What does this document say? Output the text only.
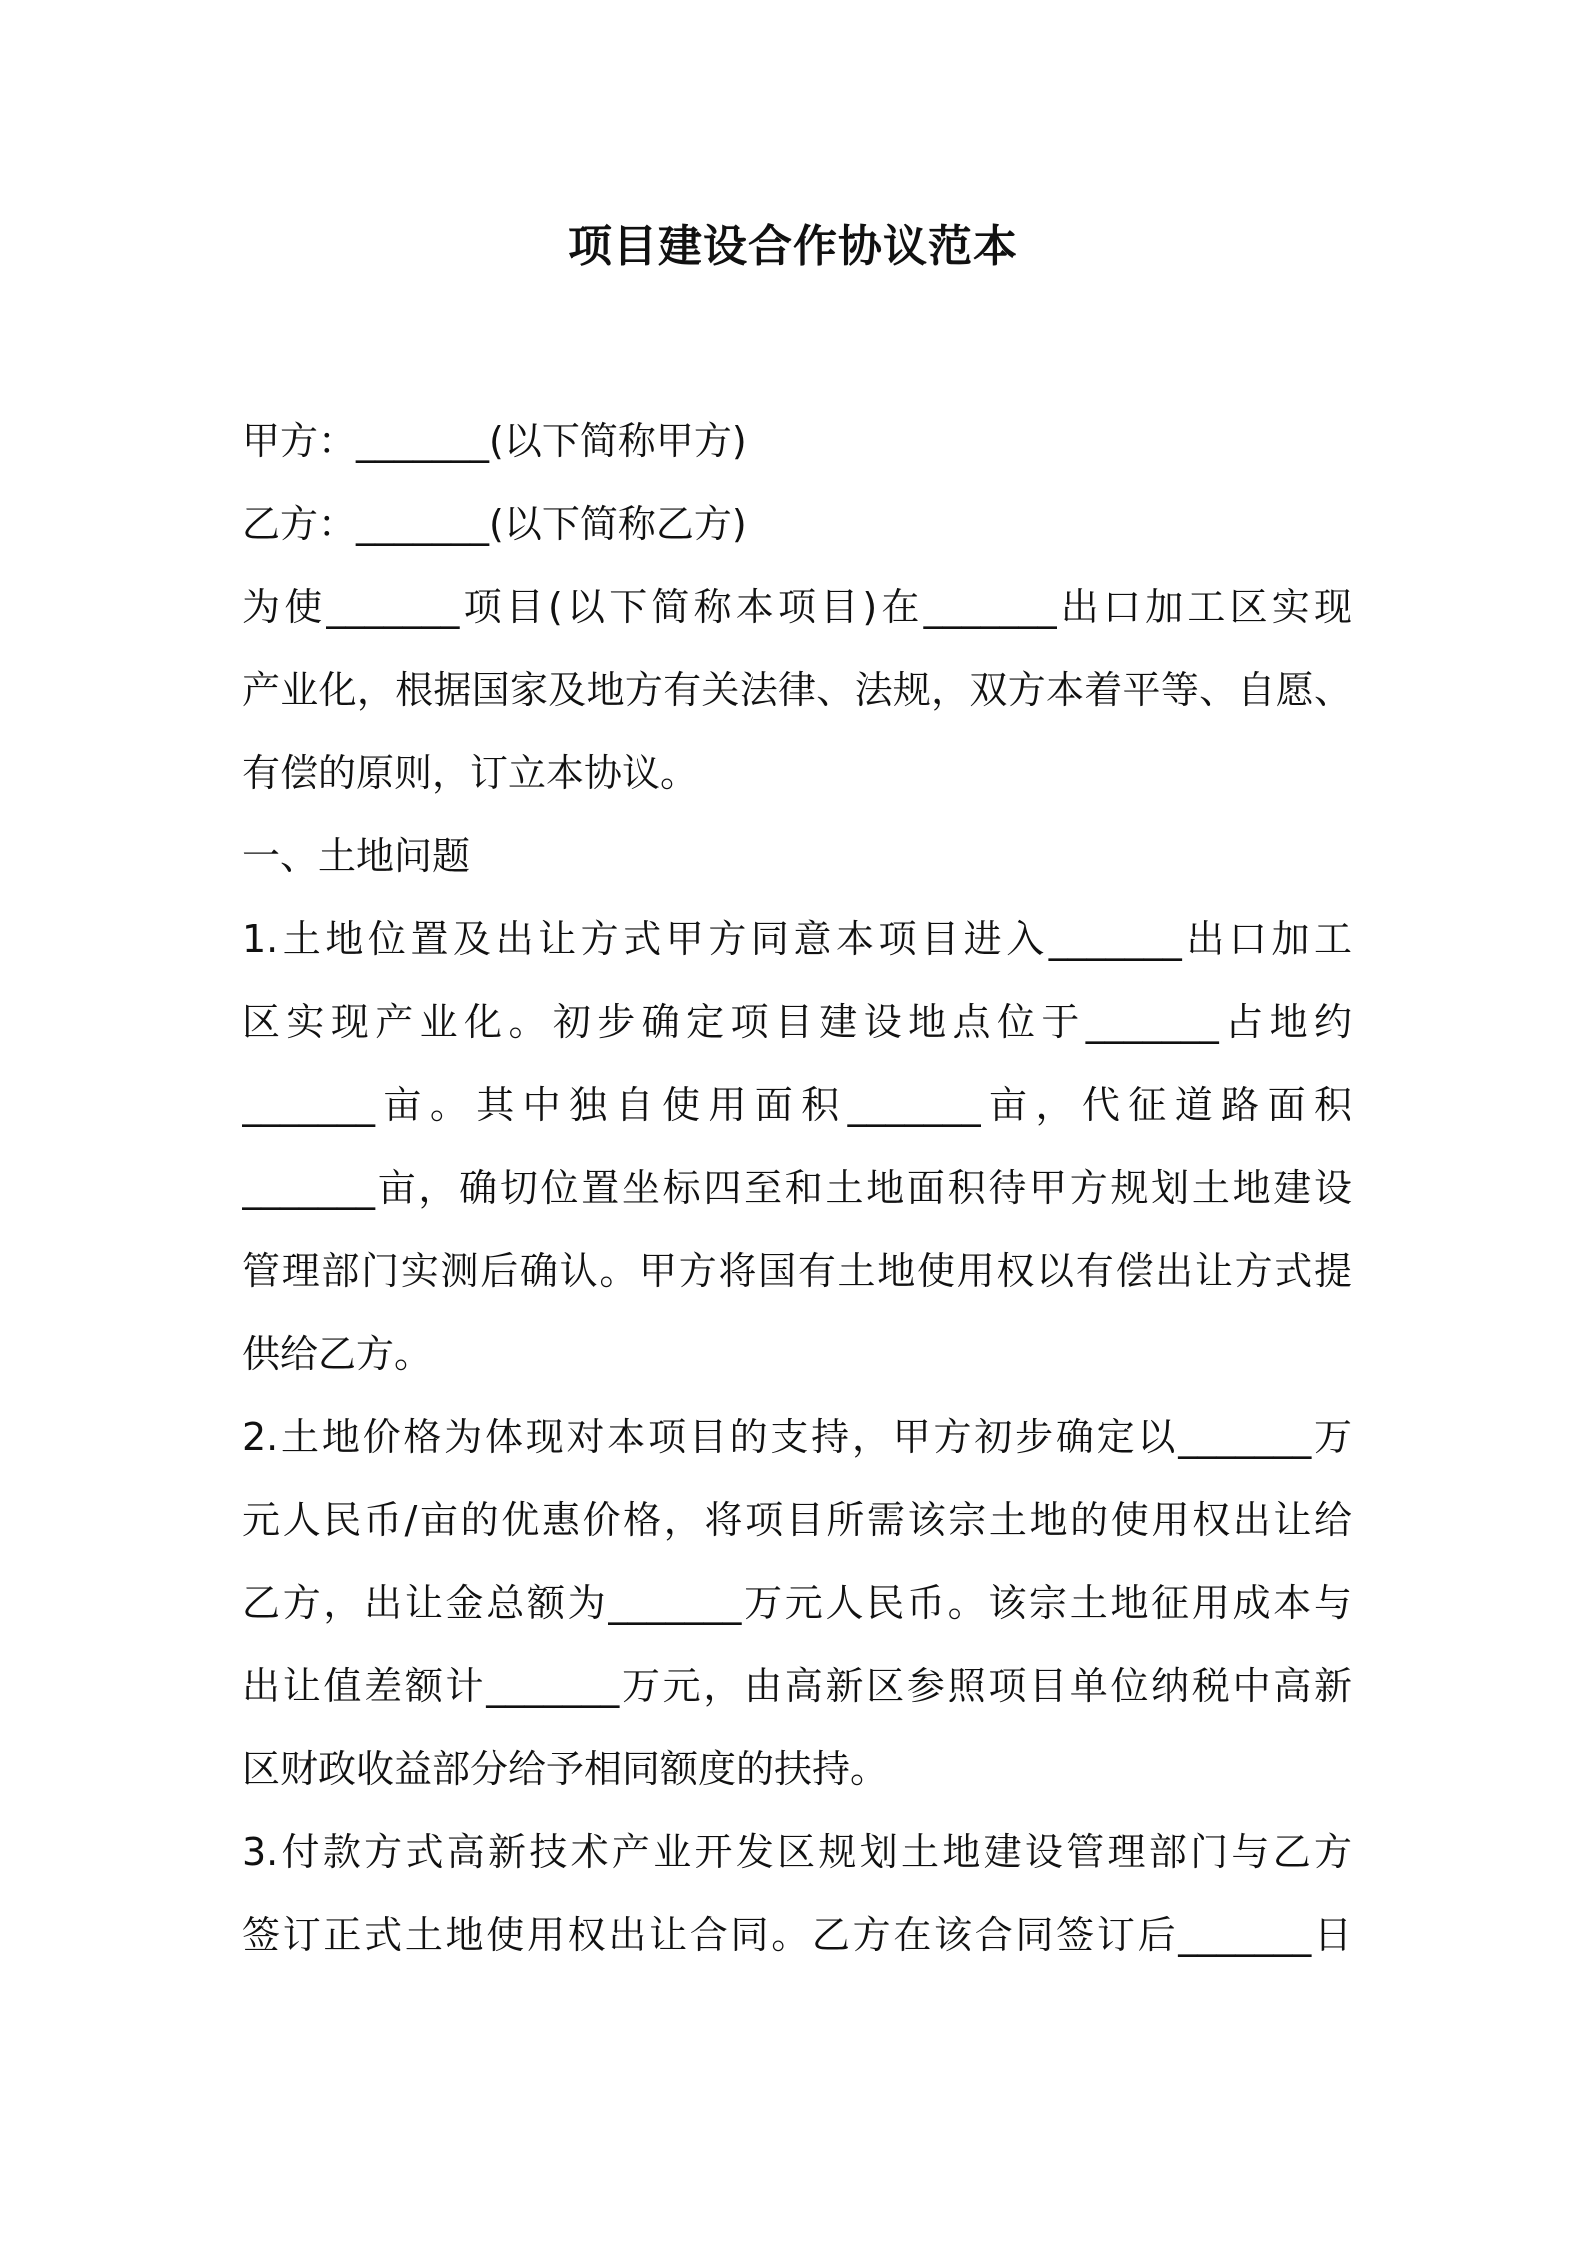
项目建设合作协议范本
甲方：_______(以下简称甲方)
乙方：_______(以下简称乙方)
为使_______项目(以下简称本项目)在_______出口加工区实现
产业化，根据国家及地方有关法律、法规，双方本着平等、自愿、
有偿的原则，订立本协议。
一、土地问题
1.土地位置及出让方式甲方同意本项目进入_______出口加工
区实现产业化。初步确定项目建设地点位于_______占地约
_______亩。其中独自使用面积_______亩，代征道路面积
_______亩，确切位置坐标四至和土地面积待甲方规划土地建设
管理部门实测后确认。甲方将国有土地使用权以有偿出让方式提
供给乙方。
2.土地价格为体现对本项目的支持，甲方初步确定以_______万
元人民币/亩的优惠价格，将项目所需该宗土地的使用权出让给
乙方，出让金总额为_______万元人民币。该宗土地征用成本与
出让值差额计_______万元，由高新区参照项目单位纳税中高新
区财政收益部分给予相同额度的扶持。
3.付款方式高新技术产业开发区规划土地建设管理部门与乙方
签订正式土地使用权出让合同。乙方在该合同签订后_______日
